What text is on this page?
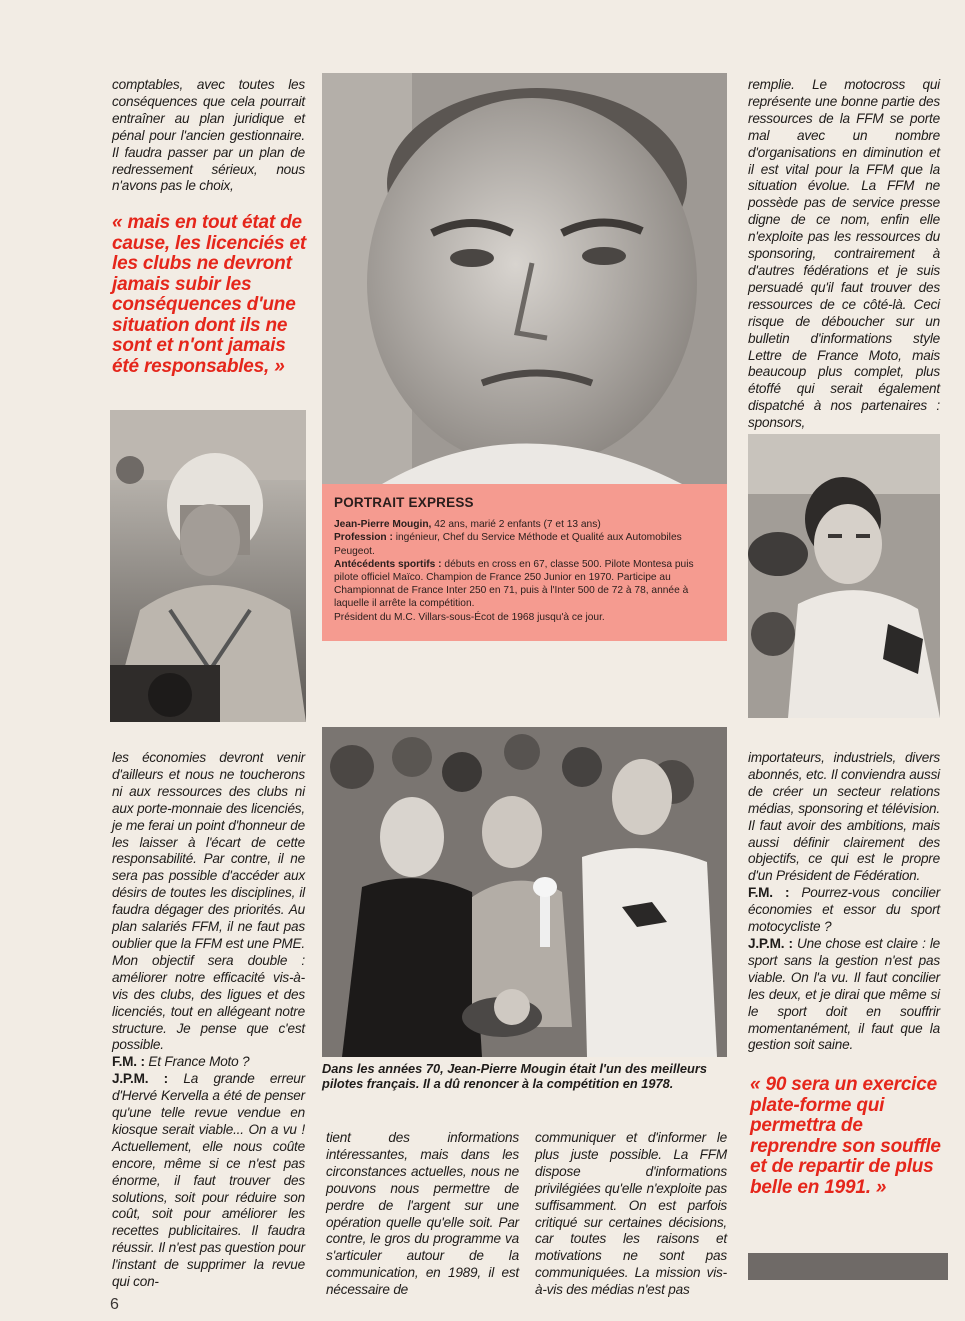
comptables, avec toutes les conséquences que cela pourrait entraîner au plan juridique et pénal pour l'ancien gestionnaire. Il faudra passer par un plan de redressement sérieux, nous n'avons pas le choix,

« mais en tout état de cause, les licenciés et les clubs ne devront jamais subir les conséquences d'une situation dont ils ne sont et n'ont jamais été responsables, »

les économies devront venir d'ailleurs et nous ne toucherons ni aux ressources des clubs ni aux porte-monnaie des licenciés, je me ferai un point d'honneur de les laisser à l'écart de cette responsabilité. Par contre, il ne sera pas possible d'accéder aux désirs de toutes les disciplines, il faudra dégager des priorités. Au plan salariés FFM, il ne faut pas oublier que la FFM est une PME. Mon objectif sera double : améliorer notre efficacité vis-à-vis des clubs, des ligues et des licenciés, tout en allégeant notre structure. Je pense que c'est possible.

F.M. : Et France Moto ?

J.P.M. : La grande erreur d'Hervé Kervella a été de penser qu'une telle revue vendue en kiosque serait viable... On a vu ! Actuellement, elle nous coûte encore, même si ce n'est pas énorme, il faut trouver des solutions, soit pour réduire son coût, soit pour améliorer les recettes publicitaires. Il faudra réussir. Il n'est pas question pour l'instant de supprimer la revue qui con-

PORTRAIT EXPRESS

Jean-Pierre Mougin, 42 ans, marié 2 enfants (7 et 13 ans)

Profession : ingénieur, Chef du Service Méthode et Qualité aux Automobiles Peugeot.

Antécédents sportifs : débuts en cross en 67, classe 500. Pilote Montesa puis pilote officiel Maïco. Champion de France 250 Junior en 1970. Participe au Championnat de France Inter 250 en 71, puis à l'Inter 500 de 72 à 78, année à laquelle il arrête la compétition.

Président du M.C. Villars-sous-Écot de 1968 jusqu'à ce jour.

Dans les années 70, Jean-Pierre Mougin était l'un des meilleurs pilotes français. Il a dû renoncer à la compétition en 1978.

tient des informations intéressantes, mais dans les circonstances actuelles, nous ne pouvons nous permettre de perdre de l'argent sur une opération quelle qu'elle soit. Par contre, le gros du programme va s'articuler autour de la communication, en 1989, il est nécessaire de

communiquer et d'informer le plus juste possible. La FFM dispose d'informations privilégiées qu'elle n'exploite pas suffisamment. On est parfois critiqué sur certaines décisions, car toutes les raisons et motivations ne sont pas communiquées. La mission vis-à-vis des médias n'est pas

remplie. Le motocross qui représente une bonne partie des ressources de la FFM se porte mal avec un nombre d'organisations en diminution et il est vital pour la FFM que la situation évolue. La FFM ne possède pas de service presse digne de ce nom, enfin elle n'exploite pas les ressources du sponsoring, contrairement à d'autres fédérations et je suis persuadé qu'il faut trouver des ressources de ce côté-là. Ceci risque de déboucher sur un bulletin d'informations style Lettre de France Moto, mais beaucoup plus complet, plus étoffé qui serait également dispatché à nos partenaires : sponsors,

importateurs, industriels, divers abonnés, etc. Il conviendra aussi de créer un secteur relations médias, sponsoring et télévision. Il faut avoir des ambitions, mais aussi définir clairement des objectifs, ce qui est le propre d'un Président de Fédération.

F.M. : Pourrez-vous concilier économies et essor du sport motocycliste ?

J.P.M. : Une chose est claire : le sport sans la gestion n'est pas viable. On l'a vu. Il faut concilier les deux, et je dirai que même si le sport doit en souffrir momentanément, il faut que la gestion soit saine.

« 90 sera un exercice plate-forme qui permettra de reprendre son souffle et de repartir de plus belle en 1991. »
6
